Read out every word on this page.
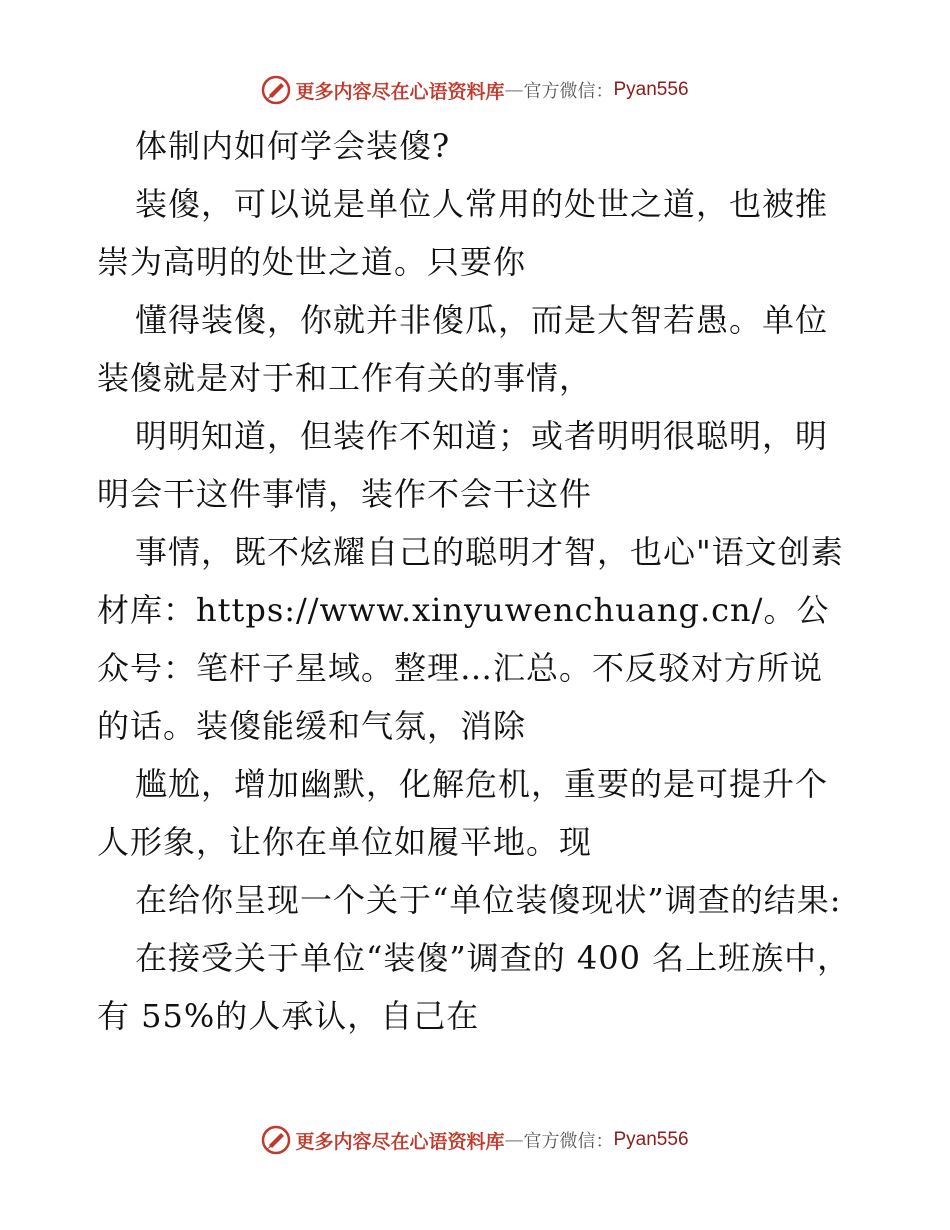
更多内容尽在心语资料库 — 官方微信： Pyan556

体制内如何学会装傻?

装傻，可以说是单位人常用的处世之道，也被推崇为高明的处世之道。只要你

懂得装傻，你就并非傻瓜，而是大智若愚。单位装傻就是对于和工作有关的事情，

明明知道，但装作不知道；或者明明很聪明，明明会干这件事情，装作不会干这件

事情，既不炫耀自己的聪明才智，也心"语文创素材库：https://www.xinyuwenchuang.cn/。公众号：笔杆子星域。整理…汇总。不反驳对方所说的话。装傻能缓和气氛，消除

尴尬，增加幽默，化解危机，重要的是可提升个人形象，让你在单位如履平地。现

在给你呈现一个关于“单位装傻现状”调查的结果:

在接受关于单位“装傻”调查的 400 名上班族中，有 55%的人承认，自己在

更多内容尽在心语资料库 — 官方微信： Pyan556
